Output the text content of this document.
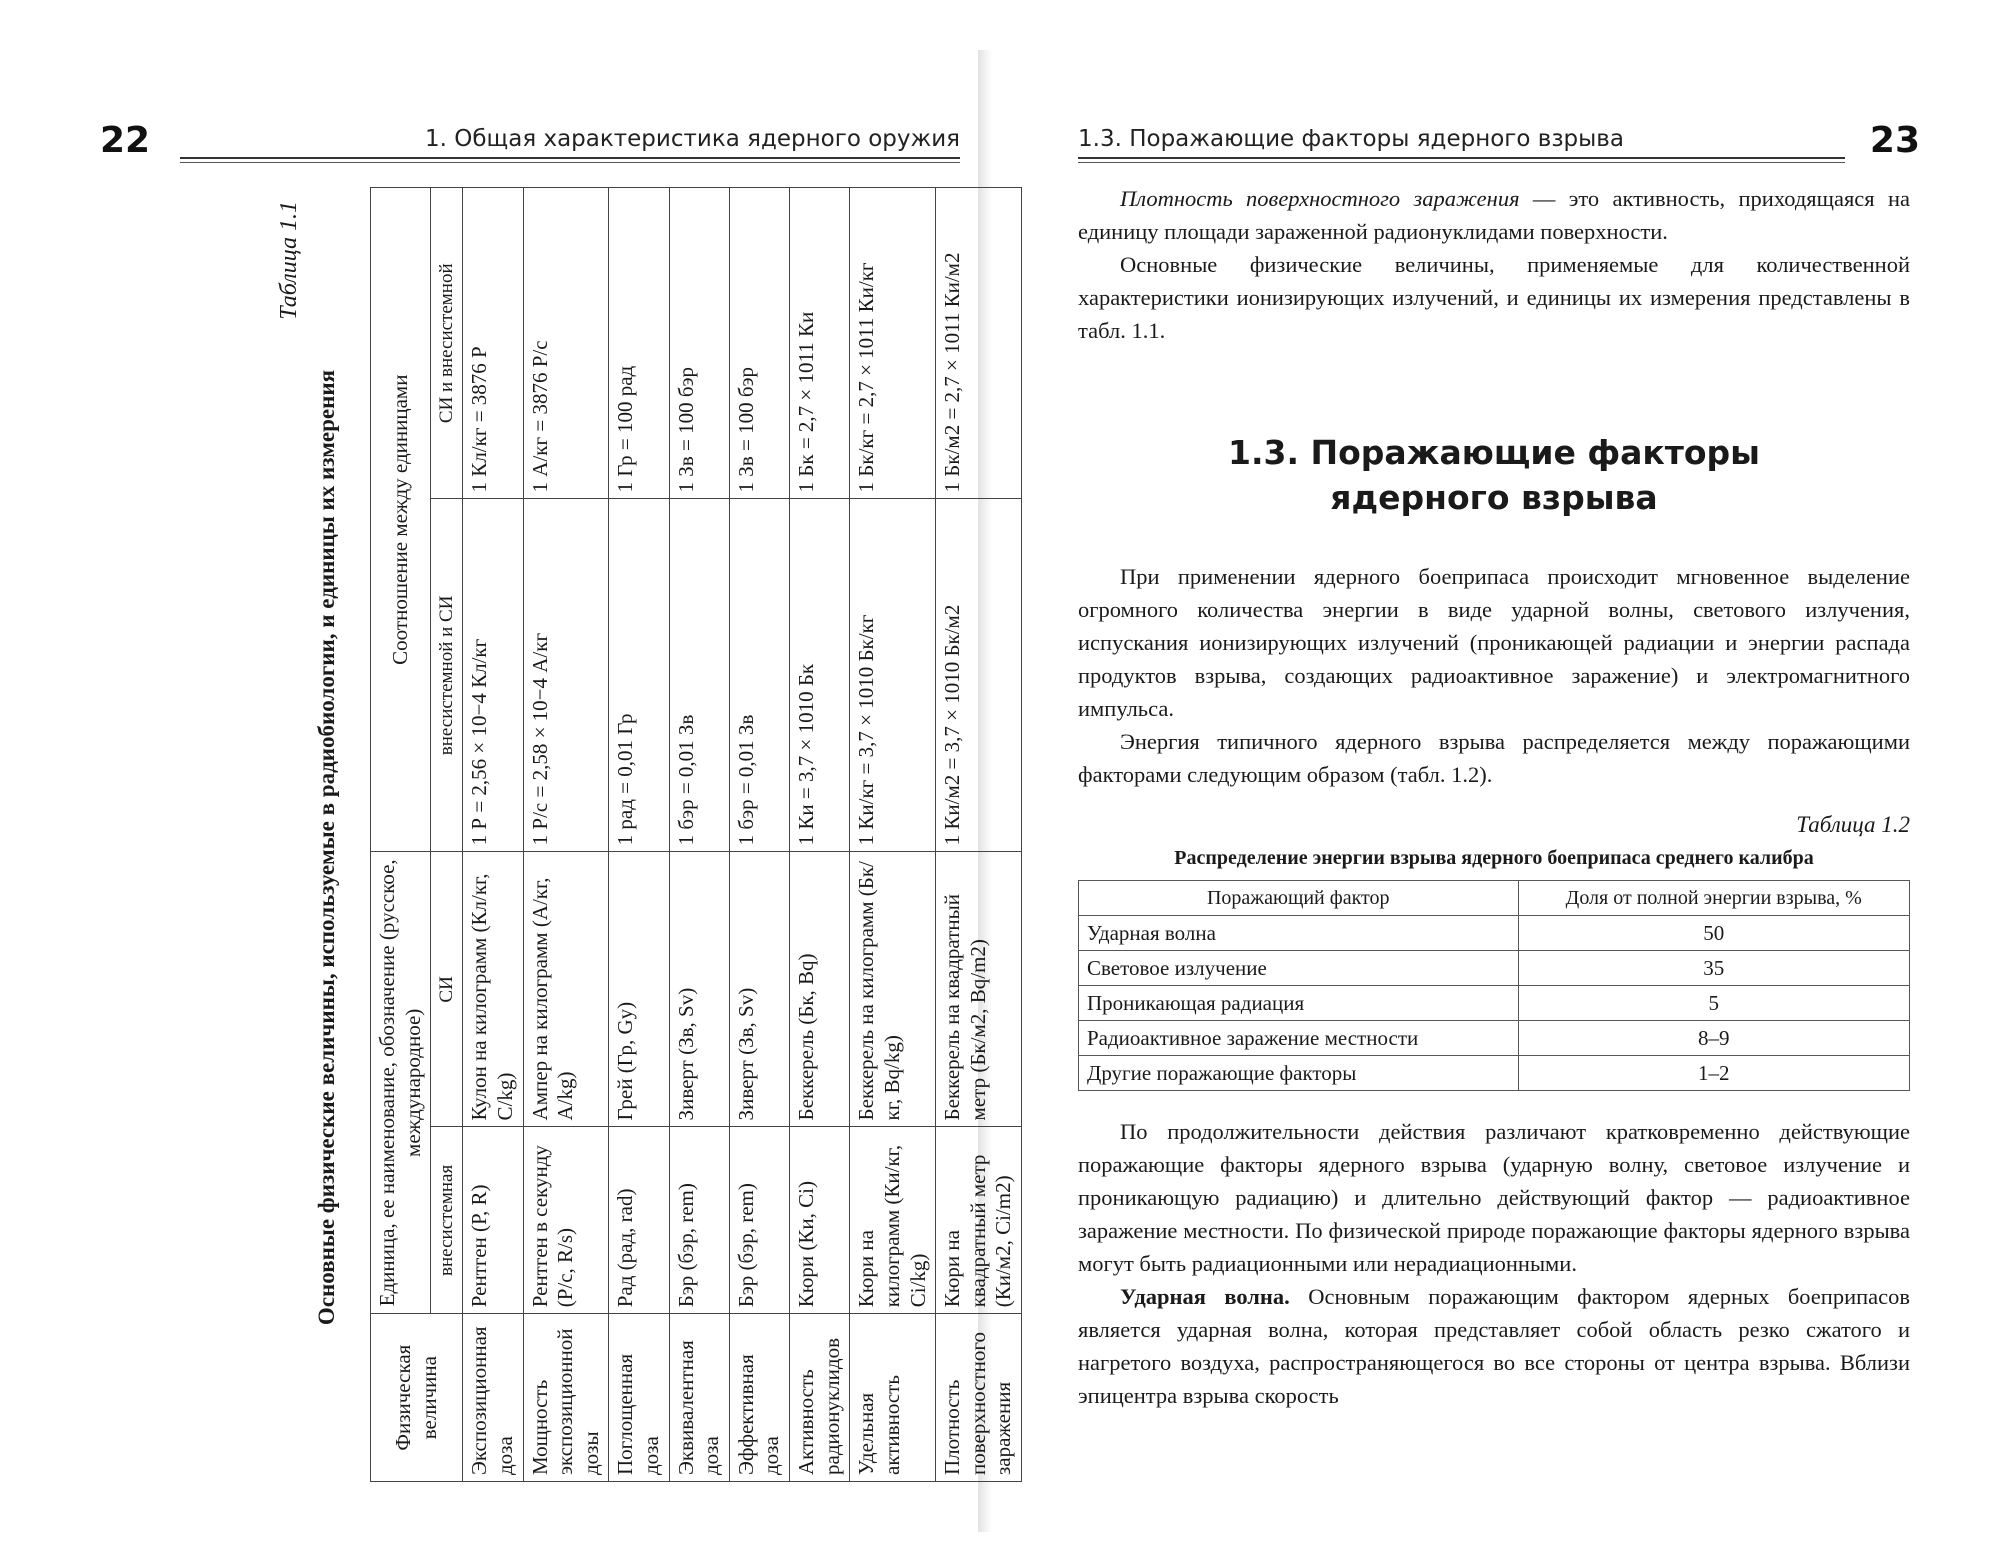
22	1. Общая характеристика ядерного оружия
Таблица 1.1
Основные физические величины, используемые в радиобиологии, и единицы их измерения
Физическая величина	Единица, ее наименование, обозначение (русское, международное)		Соотношение между единицами	
	внесистемная	СИ	внесистемной и СИ	СИ и внесистемной
Экспозиционная доза	Рентген (Р, R)	Кулон на килограмм (Кл/кг, C/kg)	1 Р = 2,56 × 10−4 Кл/кг	1 Кл/кг = 3876 Р
Мощность экспозиционной дозы	Рентген в секунду (Р/с, R/s)	Ампер на килограмм (А/кг, A/kg)	1 Р/с = 2,58 × 10−4 А/кг	1 А/кг = 3876 Р/с
Поглощенная доза	Рад (рад, rad)	Грей (Гр, Gy)	1 рад = 0,01 Гр	1 Гр = 100 рад
Эквивалентная доза	Бэр (бэр, rem)	Зиверт (Зв, Sv)	1 бэр = 0,01 Зв	1 Зв = 100 бэр
Эффективная доза	Бэр (бэр, rem)	Зиверт (Зв, Sv)	1 бэр = 0,01 Зв	1 Зв = 100 бэр
Активность радионуклидов	Кюри (Ки, Ci)	Беккерель (Бк, Bq)	1 Ки = 3,7 × 1010 Бк	1 Бк = 2,7 × 1011 Ки
Удельная активность	Кюри на килограмм (Ки/кг, Ci/kg)	Беккерель на килограмм (Бк/кг, Bq/kg)	1 Ки/кг = 3,7 × 1010 Бк/кг	1 Бк/кг = 2,7 × 1011 Ки/кг
Плотность поверхностного заражения	Кюри на квадратный метр (Ки/м2, Ci/m2)	Беккерель на квадратный метр (Бк/м2, Bq/m2)	1 Ки/м2 = 3,7 × 1010 Бк/м2	1 Бк/м2 = 2,7 × 1011 Ки/м2
1.3. Поражающие факторы ядерного взрыва	23

Плотность поверхностного заражения — это активность, приходящаяся на единицу площади зараженной радионуклидами поверхности.

Основные физические величины, применяемые для количественной характеристики ионизирующих излучений, и единицы их измерения представлены в табл. 1.1.

1.3. Поражающие факторы
ядерного взрыва

При применении ядерного боеприпаса происходит мгновенное выделение огромного количества энергии в виде ударной волны, светового излучения, испускания ионизирующих излучений (проникающей радиации и энергии распада продуктов взрыва, создающих радиоактивное заражение) и электромагнитного импульса.

Энергия типичного ядерного взрыва распределяется между поражающими факторами следующим образом (табл. 1.2).

Таблица 1.2
Распределение энергии взрыва ядерного боеприпаса среднего калибра
Поражающий фактор	Доля от полной энергии взрыва, %
Ударная волна	50
Световое излучение	35
Проникающая радиация	5
Радиоактивное заражение местности	8–9
Другие поражающие факторы	1–2

По продолжительности действия различают кратковременно действующие поражающие факторы ядерного взрыва (ударную волну, световое излучение и проникающую радиацию) и длительно действующий фактор — радиоактивное заражение местности. По физической природе поражающие факторы ядерного взрыва могут быть радиационными или нерадиационными.

Ударная волна. Основным поражающим фактором ядерных боеприпасов является ударная волна, которая представляет собой область резко сжатого и нагретого воздуха, распространяющегося во все стороны от центра взрыва. Вблизи эпицентра взрыва скорость
